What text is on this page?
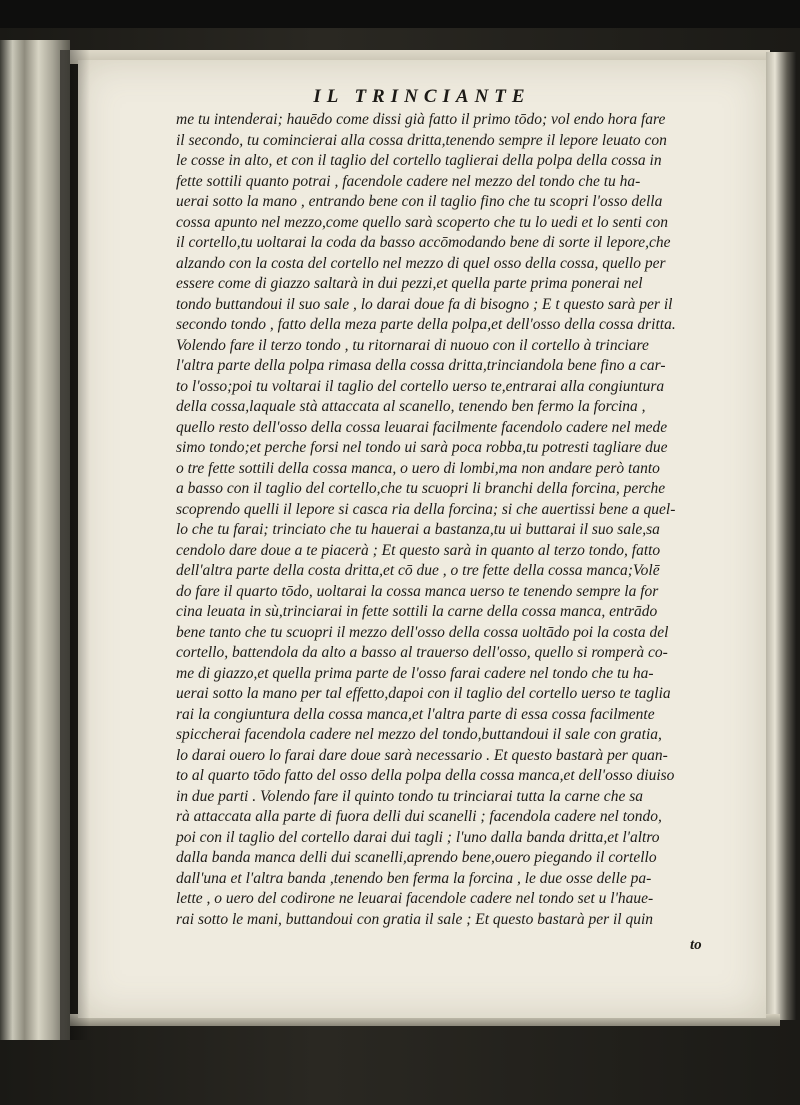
IL TRINCIANTE
me tu intenderai; hauēdo come dissi già fatto il primo tōdo; vol endo hora fare
il secondo, tu comincierai alla cossa dritta,tenendo sempre il lepore leuato con
le cosse in alto, et con il taglio del cortello taglierai della polpa della cossa in
fette sottili quanto potrai , facendole cadere nel mezzo del tondo che tu ha-
uerai sotto la mano , entrando bene con il taglio fino che tu scopri l'osso della
cossa apunto nel mezzo,come quello sarà scoperto che tu lo uedi et lo senti con
il cortello,tu uoltarai la coda da basso accōmodando bene di sorte il lepore,che
alzando con la costa del cortello nel mezzo di quel osso della cossa, quello per
essere come di giazzo saltarà in dui pezzi,et quella parte prima ponerai nel
tondo buttandoui il suo sale , lo darai doue fa di bisogno ; E t questo sarà per il
secondo tondo , fatto della meza parte della polpa,et dell'osso della cossa dritta.
Volendo fare il terzo tondo , tu ritornarai di nuouo con il cortello à trinciare
l'altra parte della polpa rimasa della cossa dritta,trinciandola bene fino a car-
to l'osso;poi tu voltarai il taglio del cortello uerso te,entrarai alla congiuntura
della cossa,laquale stà attaccata al scanello, tenendo ben fermo la forcina ,
quello resto dell'osso della cossa leuarai facilmente facendolo cadere nel mede
simo tondo;et perche forsi nel tondo ui sarà poca robba,tu potresti tagliare due
o tre fette sottili della cossa manca, o uero di lombi,ma non andare però tanto
a basso con il taglio del cortello,che tu scuopri li branchi della forcina, perche
scoprendo quelli il lepore si casca ria della forcina; si che auertissi bene a quel-
lo che tu farai; trinciato che tu hauerai a bastanza,tu ui buttarai il suo sale,sa
cendolo dare doue a te piacerà ; Et questo sarà in quanto al terzo tondo, fatto
dell'altra parte della costa dritta,et cō due , o tre fette della cossa manca;Volē
do fare il quarto tōdo, uoltarai la cossa manca uerso te tenendo sempre la for
cina leuata in sù,trinciarai in fette sottili la carne della cossa manca, entrādo
bene tanto che tu scuopri il mezzo dell'osso della cossa uoltādo poi la costa del
cortello, battendola da alto a basso al trauerso dell'osso, quello si romperà co-
me di giazzo,et quella prima parte de l'osso farai cadere nel tondo che tu ha-
uerai sotto la mano per tal effetto,dapoi con il taglio del cortello uerso te taglia
rai la congiuntura della cossa manca,et l'altra parte di essa cossa facilmente
spiccherai facendola cadere nel mezzo del tondo,buttandoui il sale con gratia,
lo darai ouero lo farai dare doue sarà necessario . Et questo bastarà per quan-
to al quarto tōdo fatto del osso della polpa della cossa manca,et dell'osso diuiso
in due parti . Volendo fare il quinto tondo tu trinciarai tutta la carne che sa
rà attaccata alla parte di fuora delli dui scanelli ; facendola cadere nel tondo,
poi con il taglio del cortello darai dui tagli ; l'uno dalla banda dritta,et l'altro
dalla banda manca delli dui scanelli,aprendo bene,ouero piegando il cortello
dall'una et l'altra banda ,tenendo ben ferma la forcina , le due osse delle pa-
lette , o uero del codirone ne leuarai facendole cadere nel tondo set u l'haue-
rai sotto le mani, buttandoui con gratia il sale ; Et questo bastarà per il quin
to
